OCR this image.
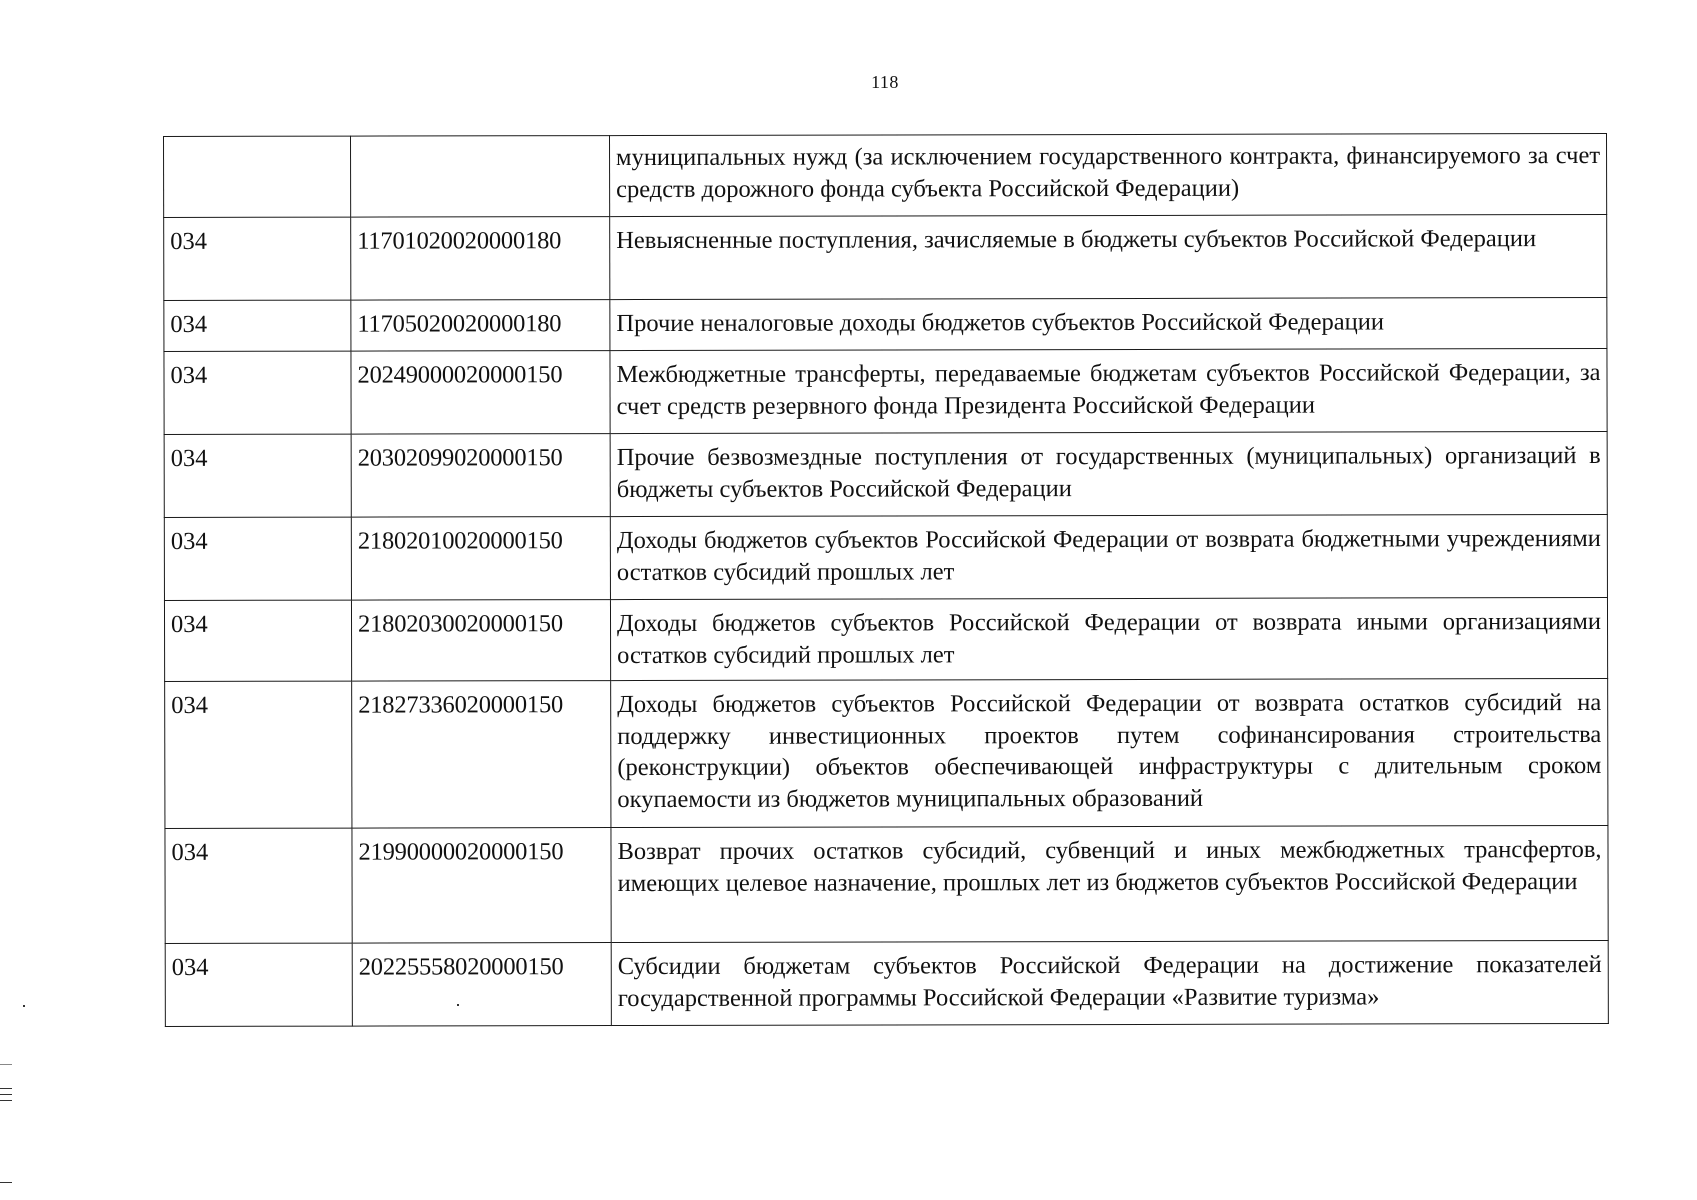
118
		муниципальных нужд (за исключением государственного контракта, финансируемого за счет средств дорожного фонда субъекта Российской Федерации)
034	11701020020000180	Невыясненные поступления, зачисляемые в бюджеты субъектов Российской Федерации
034	11705020020000180	Прочие неналоговые доходы бюджетов субъектов Российской Федерации
034	20249000020000150	Межбюджетные трансферты, передаваемые бюджетам субъектов Российской Федерации, за счет средств резервного фонда Президента Российской Федерации
034	20302099020000150	Прочие безвозмездные поступления от государственных (муниципальных) организаций в бюджеты субъектов Российской Федерации
034	21802010020000150	Доходы бюджетов субъектов Российской Федерации от возврата бюджетными учреждениями остатков субсидий прошлых лет
034	21802030020000150	Доходы бюджетов субъектов Российской Федерации от возврата иными организациями остатков субсидий прошлых лет
034	21827336020000150	Доходы бюджетов субъектов Российской Федерации от возврата остатков субсидий на поддержку инвестиционных проектов путем софинансирования строительства (реконструкции) объектов обеспечивающей инфраструктуры с длительным сроком окупаемости из бюджетов муниципальных образований
034	21990000020000150	Возврат прочих остатков субсидий, субвенций и иных межбюджетных трансфертов, имеющих целевое назначение, прошлых лет из бюджетов субъектов Российской Федерации
034	20225558020000150	Субсидии бюджетам субъектов Российской Федерации на достижение показателей государственной программы Российской Федерации «Развитие туризма»
